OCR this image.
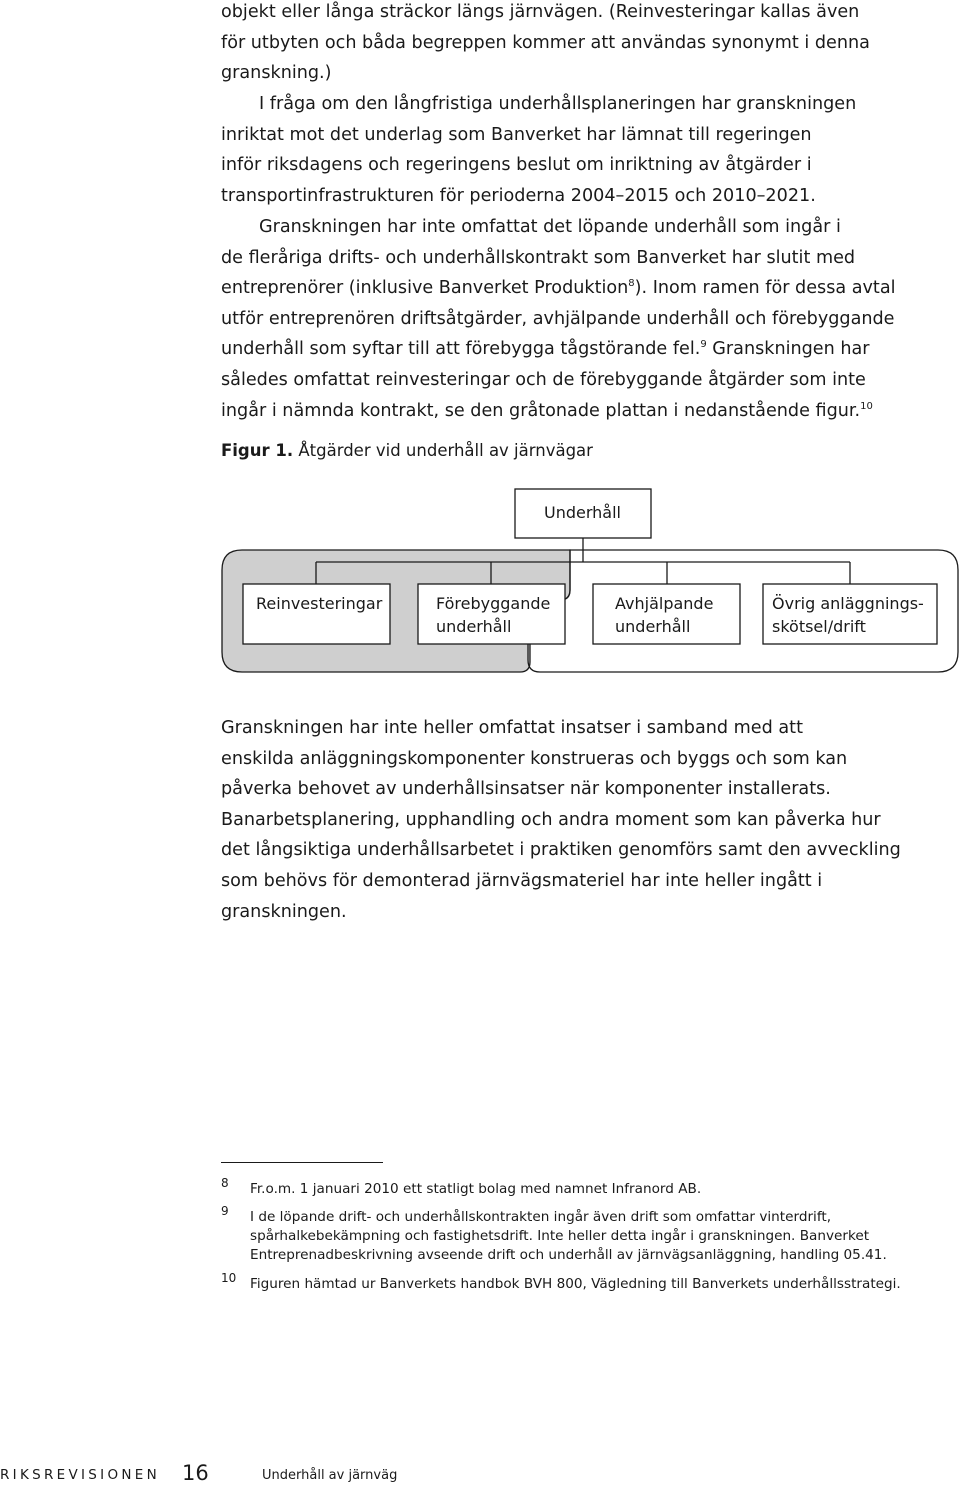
objekt eller långa sträckor längs järnvägen. (Reinvesteringar kallas även
för utbyten och båda begreppen kommer att användas synonymt i denna
granskning.)
I fråga om den långfristiga underhållsplaneringen har granskningen
inriktat mot det underlag som Banverket har lämnat till regeringen
inför riksdagens och regeringens beslut om inriktning av åtgärder i
transportinfrastrukturen för perioderna 2004–2015 och 2010–2021.
Granskningen har inte omfattat det löpande underhåll som ingår i
de fleråriga drifts- och underhållskontrakt som Banverket har slutit med
entreprenörer (inklusive Banverket Produktion$^8$). Inom ramen för dessa avtal
utför entreprenören driftsåtgärder, avhjälpande underhåll och förebyggande
underhåll som syftar till att förebygga tågstörande fel.$^9$ Granskningen har
således omfattat reinvesteringar och de förebyggande åtgärder som inte
ingår i nämnda kontrakt, se den gråtonade plattan i nedanstående figur.$^{10}$

Figur 1. Åtgärder vid underhåll av järnvägar

Underhåll
Reinvesteringar	Förebyggande
underhåll
Avhjälpande
underhåll
Övrig anläggnings-
skötsel/drift
Granskningen har inte heller omfattat insatser i samband med att
enskilda anläggningskomponenter konstrueras och byggs och som kan
påverka behovet av underhållsinsatser när komponenter installerats.
Banarbetsplanering, upphandling och andra moment som kan påverka hur
det långsiktiga underhållsarbetet i praktiken genomförs samt den avveckling
som behövs för demonterad järnvägsmateriel har inte heller ingått i
granskningen.
8 Fr.o.m. 1 januari 2010 ett statligt bolag med namnet Infranord AB.
9 I de löpande drift- och underhållskontrakten ingår även drift som omfattar vinterdrift,
spårhalkebekämpning och fastighetsdrift. Inte heller detta ingår i granskningen. Banverket
Entreprenadbeskrivning avseende drift och underhåll av järnvägsanläggning, handling 05.41.
10 Figuren hämtad ur Banverkets handbok BVH 800, Vägledning till Banverkets underhållsstrategi.
RIKSREVISIONEN 16	Underhåll av järnväg
